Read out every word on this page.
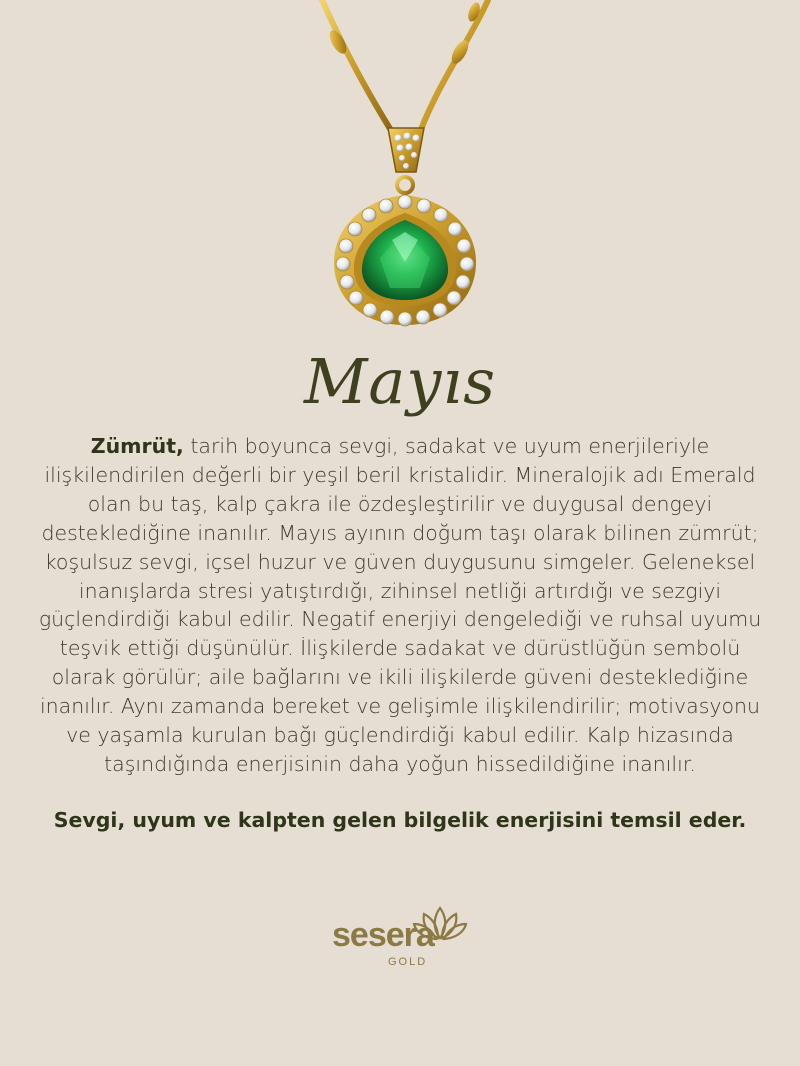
Mayıs
Zümrüt, tarih boyunca sevgi, sadakat ve uyum enerjileriyle ilişkilendirilen değerli bir yeşil beril kristalidir. Mineralojik adı Emerald olan bu taş, kalp çakra ile özdeşleştirilir ve duygusal dengeyi desteklediğine inanılır. Mayıs ayının doğum taşı olarak bilinen zümrüt; koşulsuz sevgi, içsel huzur ve güven duygusunu simgeler. Geleneksel inanışlarda stresi yatıştırdığı, zihinsel netliği artırdığı ve sezgiyi güçlendirdiği kabul edilir. Negatif enerjiyi dengelediği ve ruhsal uyumu teşvik ettiği düşünülür. İlişkilerde sadakat ve dürüstlüğün sembolü olarak görülür; aile bağlarını ve ikili ilişkilerde güveni desteklediğine inanılır. Aynı zamanda bereket ve gelişimle ilişkilendirilir; motivasyonu ve yaşamla kurulan bağı güçlendirdiği kabul edilir. Kalp hizasında taşındığında enerjisinin daha yoğun hissedildiğine inanılır.
Sevgi, uyum ve kalpten gelen bilgelik enerjisini temsil eder.
sesera
GOLD
